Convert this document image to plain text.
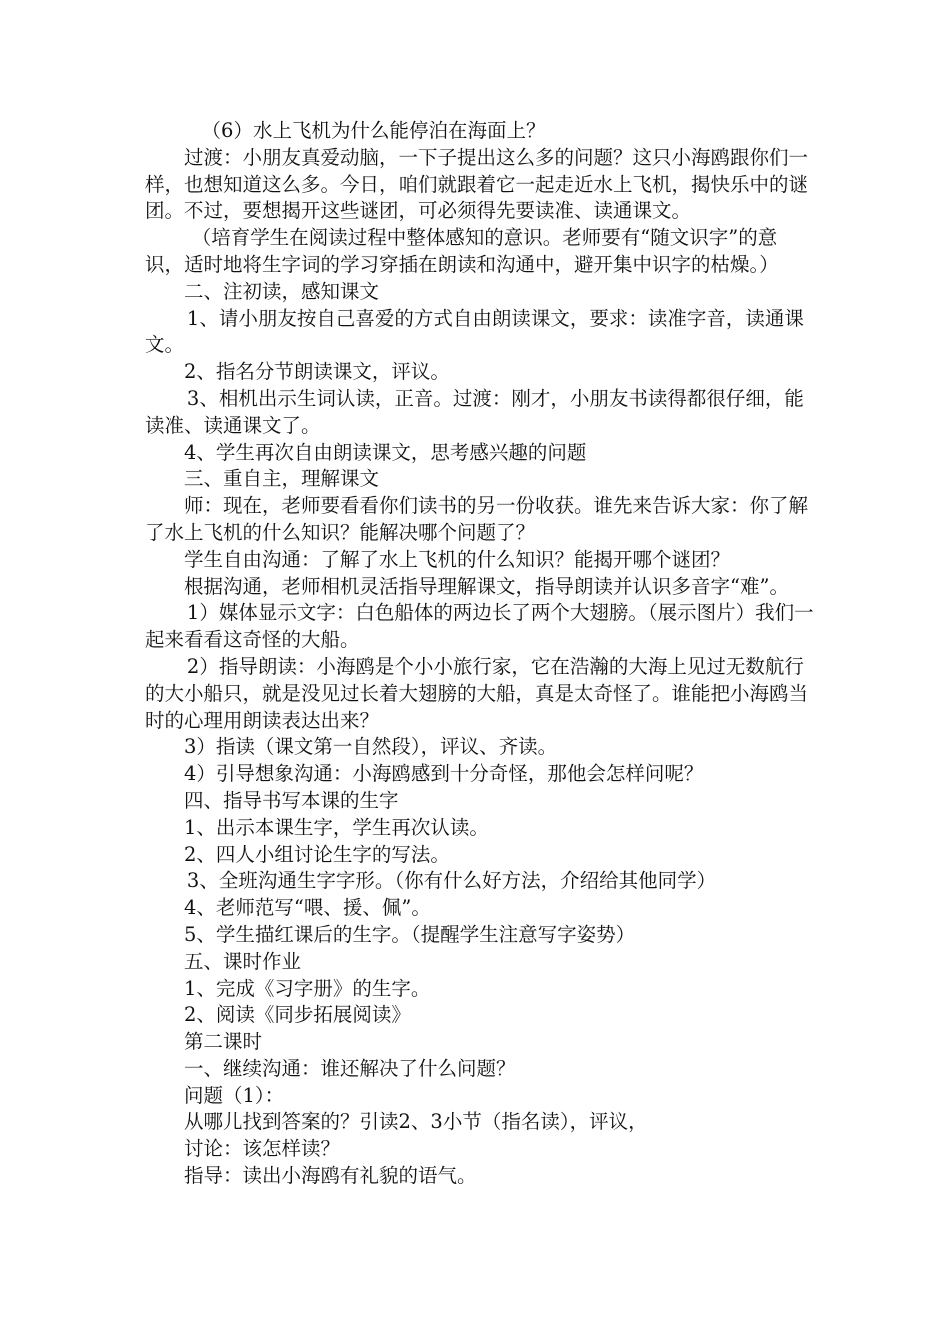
（6）水上飞机为什么能停泊在海面上？

过渡：小朋友真爱动脑，一下子提出这么多的问题？这只小海鸥跟你们一样，也想知道这么多。今日，咱们就跟着它一起走近水上飞机，揭快乐中的谜团。不过，要想揭开这些谜团，可必须得先要读准、读通课文。

（培育学生在阅读过程中整体感知的意识。老师要有“随文识字”的意识，适时地将生字词的学习穿插在朗读和沟通中，避开集中识字的枯燥。）

二、注初读，感知课文

1、请小朋友按自己喜爱的方式自由朗读课文，要求：读准字音，读通课文。

2、指名分节朗读课文，评议。

3、相机出示生词认读，正音。过渡：刚才，小朋友书读得都很仔细，能读准、读通课文了。

4、学生再次自由朗读课文，思考感兴趣的问题

三、重自主，理解课文

师：现在，老师要看看你们读书的另一份收获。谁先来告诉大家：你了解了水上飞机的什么知识？能解决哪个问题了？

学生自由沟通：了解了水上飞机的什么知识？能揭开哪个谜团？

根据沟通，老师相机灵活指导理解课文，指导朗读并认识多音字“难”。

1）媒体显示文字：白色船体的两边长了两个大翅膀。（展示图片）我们一起来看看这奇怪的大船。

2）指导朗读：小海鸥是个小小旅行家，它在浩瀚的大海上见过无数航行的大小船只，就是没见过长着大翅膀的大船，真是太奇怪了。谁能把小海鸥当时的心理用朗读表达出来？

3）指读（课文第一自然段），评议、齐读。

4）引导想象沟通：小海鸥感到十分奇怪，那他会怎样问呢？

四、指导书写本课的生字

1、出示本课生字，学生再次认读。

2、四人小组讨论生字的写法。

3、全班沟通生字字形。（你有什么好方法，介绍给其他同学）

4、老师范写“喂、援、佩”。

5、学生描红课后的生字。（提醒学生注意写字姿势）

五、课时作业

1、完成《习字册》的生字。

2、阅读《同步拓展阅读》

第二课时

一、继续沟通：谁还解决了什么问题？

问题（1）：

从哪儿找到答案的？引读2、3小节（指名读），评议，

讨论：该怎样读？

指导：读出小海鸥有礼貌的语气。
